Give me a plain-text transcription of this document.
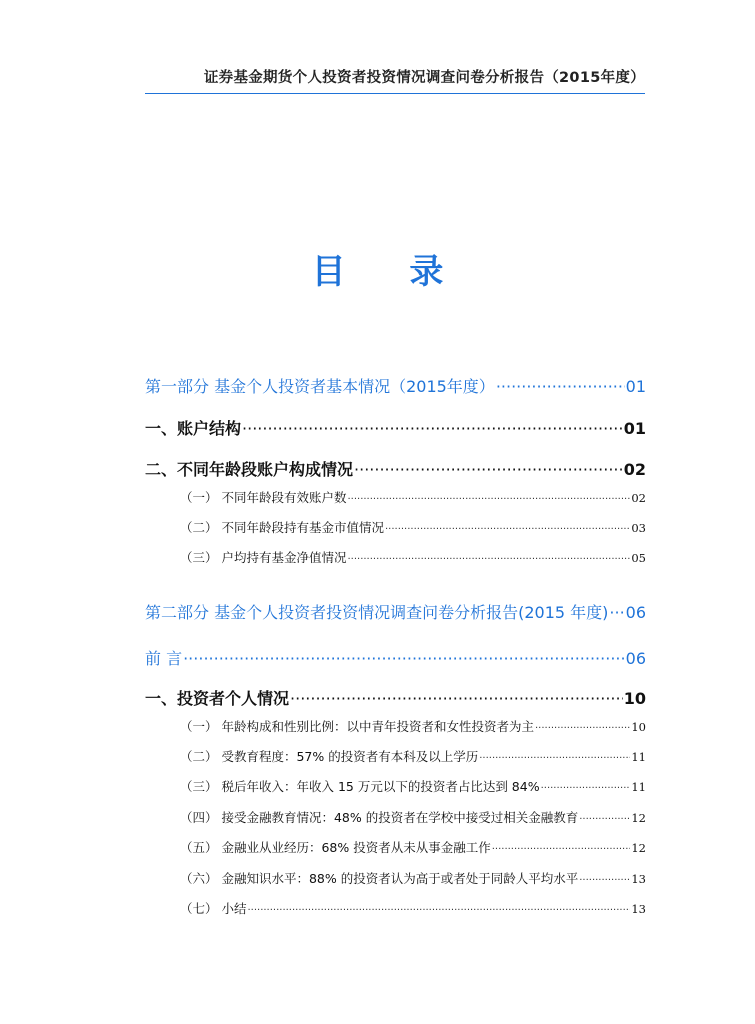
证券基金期货个人投资者投资情况调查问卷分析报告（2015年度）
目 录
第一部分 基金个人投资者基本情况（2015年度） ·····	01
一、账户结构 ·····	01
二、不同年龄段账户构成情况 ·····	02
（一） 不同年龄段有效账户数 ·····	02
（二） 不同年龄段持有基金市值情况 ·····	03
（三） 户均持有基金净值情况 ·····	05
第二部分 基金个人投资者投资情况调查问卷分析报告(2015 年度) ····· 06
前 言 ·····	06
一、投资者个人情况 ·····	10
（一） 年龄构成和性别比例：以中青年投资者和女性投资者为主 ·····	10
（二） 受教育程度：57% 的投资者有本科及以上学历 ·····	11
（三） 税后年收入：年收入 15 万元以下的投资者占比达到 84% ·····	11
（四） 接受金融教育情况：48% 的投资者在学校中接受过相关金融教育 ·····	12
（五） 金融业从业经历：68% 投资者从未从事金融工作 ·····	12
（六） 金融知识水平：88% 的投资者认为高于或者处于同龄人平均水平 ·····	13
（七） 小结 ·····	13
